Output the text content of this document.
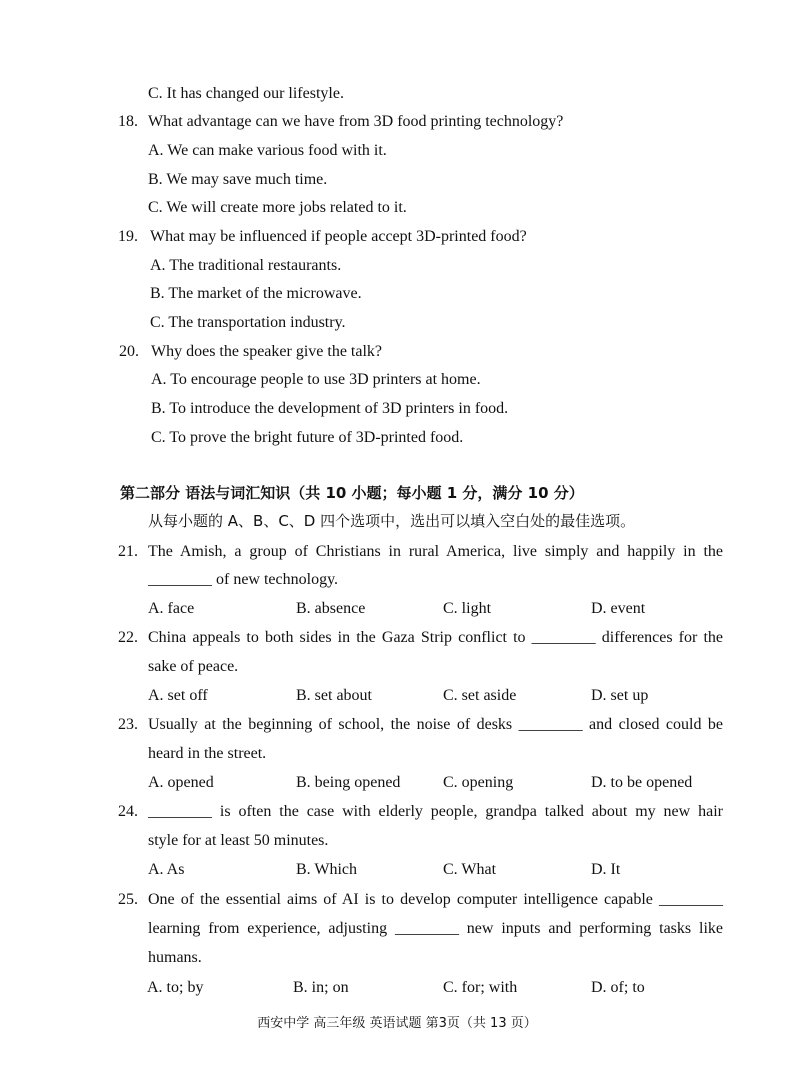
C. It has changed our lifestyle.
18. What advantage can we have from 3D food printing technology?
A. We can make various food with it.
B. We may save much time.
C. We will create more jobs related to it.
19. What may be influenced if people accept 3D-printed food?
A. The traditional restaurants.
B. The market of the microwave.
C. The transportation industry.
20. Why does the speaker give the talk?
A. To encourage people to use 3D printers at home.
B. To introduce the development of 3D printers in food.
C. To prove the bright future of 3D-printed food.
第二部分 语法与词汇知识（共 10 小题；每小题 1 分，满分 10 分）
从每小题的 A、B、C、D 四个选项中，选出可以填入空白处的最佳选项。
21. The Amish, a group of Christians in rural America, live simply and happily in the
________ of new technology.
A. face	B. absence	C. light	D. event
22. China appeals to both sides in the Gaza Strip conflict to ________ differences for the
sake of peace.
A. set off	B. set about	C. set aside	D. set up
23. Usually at the beginning of school, the noise of desks ________ and closed could be
heard in the street.
A. opened	B. being opened	C. opening	D. to be opened
24. ________ is often the case with elderly people, grandpa talked about my new hair
style for at least 50 minutes.
A. As	B. Which	C. What	D. It
25. One of the essential aims of AI is to develop computer intelligence capable ________
learning from experience, adjusting ________ new inputs and performing tasks like
humans.
A. to; by	B. in; on	C. for; with	D. of; to
西安中学 高三年级 英语试题 第3页（共 13 页）
